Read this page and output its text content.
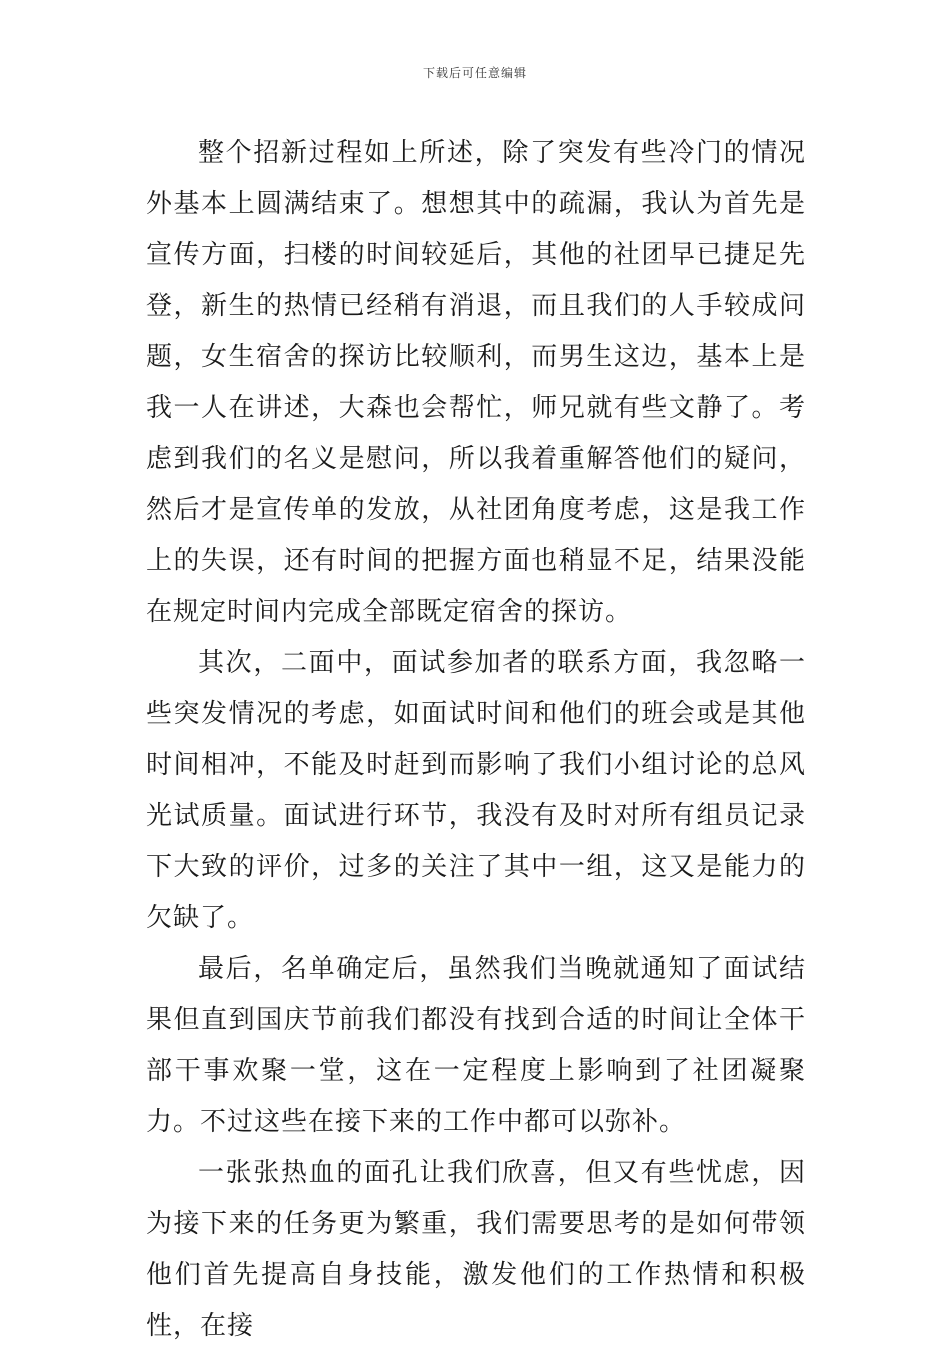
下载后可任意编辑

整个招新过程如上所述，除了突发有些冷门的情况外基本上圆满结束了。想想其中的疏漏，我认为首先是宣传方面，扫楼的时间较延后，其他的社团早已捷足先登，新生的热情已经稍有消退，而且我们的人手较成问题，女生宿舍的探访比较顺利，而男生这边，基本上是我一人在讲述，大森也会帮忙，师兄就有些文静了。考虑到我们的名义是慰问，所以我着重解答他们的疑问，然后才是宣传单的发放，从社团角度考虑，这是我工作上的失误，还有时间的把握方面也稍显不足，结果没能在规定时间内完成全部既定宿舍的探访。

其次，二面中，面试参加者的联系方面，我忽略一些突发情况的考虑，如面试时间和他们的班会或是其他时间相冲，不能及时赶到而影响了我们小组讨论的总风光试质量。面试进行环节，我没有及时对所有组员记录下大致的评价，过多的关注了其中一组，这又是能力的欠缺了。

最后，名单确定后，虽然我们当晚就通知了面试结果但直到国庆节前我们都没有找到合适的时间让全体干部干事欢聚一堂，这在一定程度上影响到了社团凝聚力。不过这些在接下来的工作中都可以弥补。

一张张热血的面孔让我们欣喜，但又有些忧虑，因为接下来的任务更为繁重，我们需要思考的是如何带领他们首先提高自身技能，激发他们的工作热情和积极性，在接
